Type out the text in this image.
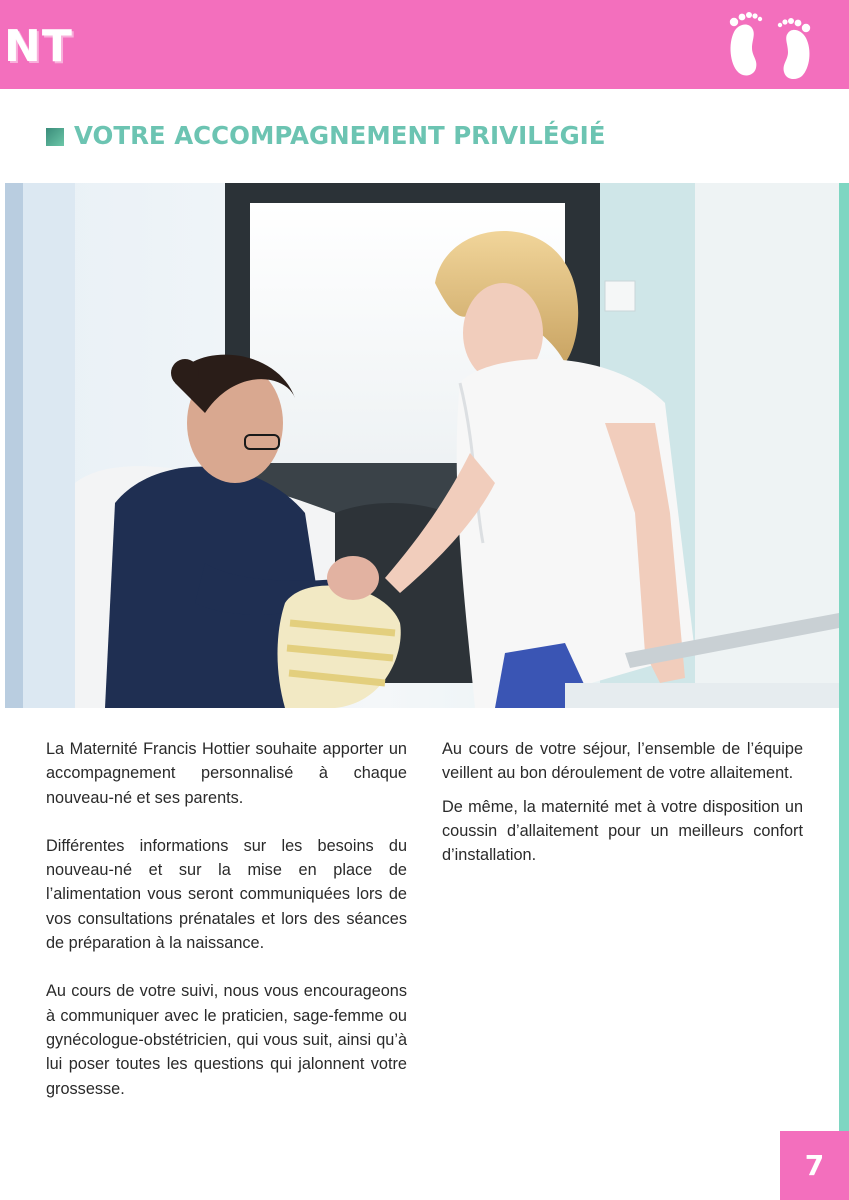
NT
VOTRE ACCOMPAGNEMENT PRIVILÉGIÉ

La Maternité Francis Hottier souhaite apporter un accompagnement personnalisé à chaque nouveau-né et ses parents.

Différentes informations sur les besoins du nouveau-né et sur la mise en place de l’alimentation vous seront communiquées lors de vos consultations prénatales et lors des séances de préparation à la naissance.

Au cours de votre suivi, nous vous encourageons à communiquer avec le praticien, sage-femme ou gynécologue-obstétricien, qui vous suit, ainsi qu’à lui poser toutes les questions qui jalonnent votre grossesse.

Au cours de votre séjour, l’ensemble de l’équipe veillent au bon déroulement de votre allaitement.

De même, la maternité met à votre disposition un coussin d’allaitement pour un meilleurs confort d’installation.

7
